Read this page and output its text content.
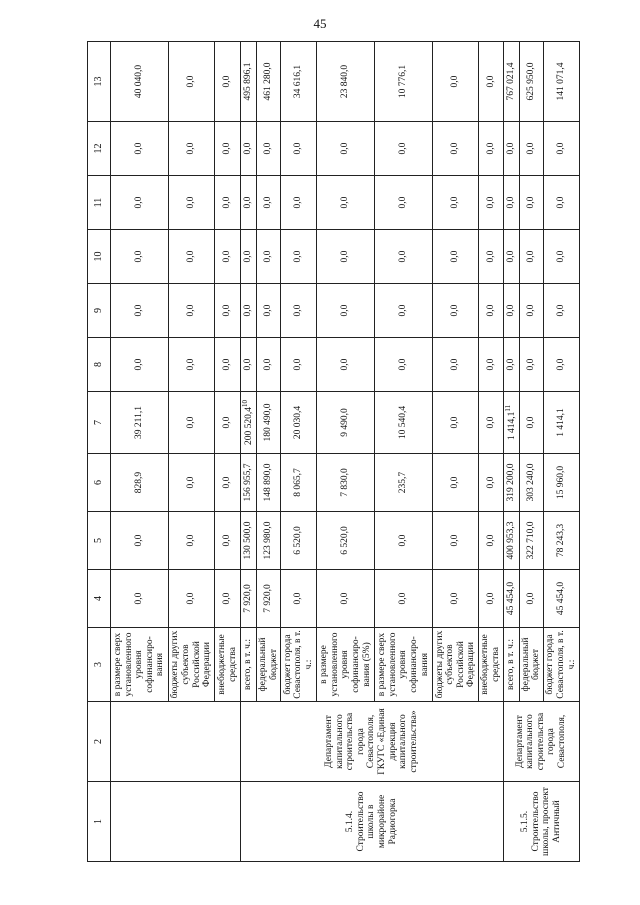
45
1	2	3	4	5	6	7	8	9	10	11	12	13
		в размере сверх установленного уровня софинансиро-вания	0,0	0,0	828,9	39 211,1	0,0	0,0	0,0	0,0	0,0	40 040,0
		бюджеты других субъектов Российской Федерации	0,0	0,0	0,0	0,0	0,0	0,0	0,0	0,0	0,0	0,0
		внебюджетные средства	0,0	0,0	0,0	0,0	0,0	0,0	0,0	0,0	0,0	0,0
5.1.4. Строительство школы в микрорайоне Радиогорка	Департамент капитального строительства города Севастополя, ГКУГС «Единая дирекция капитального строительства»	всего, в т. ч.:	7 920,0	130 500,0	156 955,7	200 520,4$^{10}$	0,0	0,0	0,0	0,0	0,0	495 896,1
		федеральный бюджет	7 920,0	123 980,0	148 890,0	180 490,0	0,0	0,0	0,0	0,0	0,0	461 280,0
		бюджет города Севастополя, в т. ч.:	0,0	6 520,0	8 065,7	20 030,4	0,0	0,0	0,0	0,0	0,0	34 616,1
		в размере установленного уровня софинансиро-вания (5%)	0,0	6 520,0	7 830,0	9 490,0	0,0	0,0	0,0	0,0	0,0	23 840,0
		в размере сверх установленного уровня софинансиро-вания	0,0	0,0	235,7	10 540,4	0,0	0,0	0,0	0,0	0,0	10 776,1
		бюджеты других субъектов Российской Федерации	0,0	0,0	0,0	0,0	0,0	0,0	0,0	0,0	0,0	0,0
		внебюджетные средства	0,0	0,0	0,0	0,0	0,0	0,0	0,0	0,0	0,0	0,0
5.1.5. Строительство школы, проспект Античный	Департамент капитального строительства города Севастополя,	всего, в т. ч.:	45 454,0	400 953,3	319 200,0	1 414,1$^{11}$	0,0	0,0	0,0	0,0	0,0	767 021,4
		федеральный бюджет	0,0	322 710,0	303 240,0	0,0	0,0	0,0	0,0	0,0	0,0	625 950,0
		бюджет города Севастополя, в т. ч.:	45 454,0	78 243,3	15 960,0	1 414,1	0,0	0,0	0,0	0,0	0,0	141 071,4
